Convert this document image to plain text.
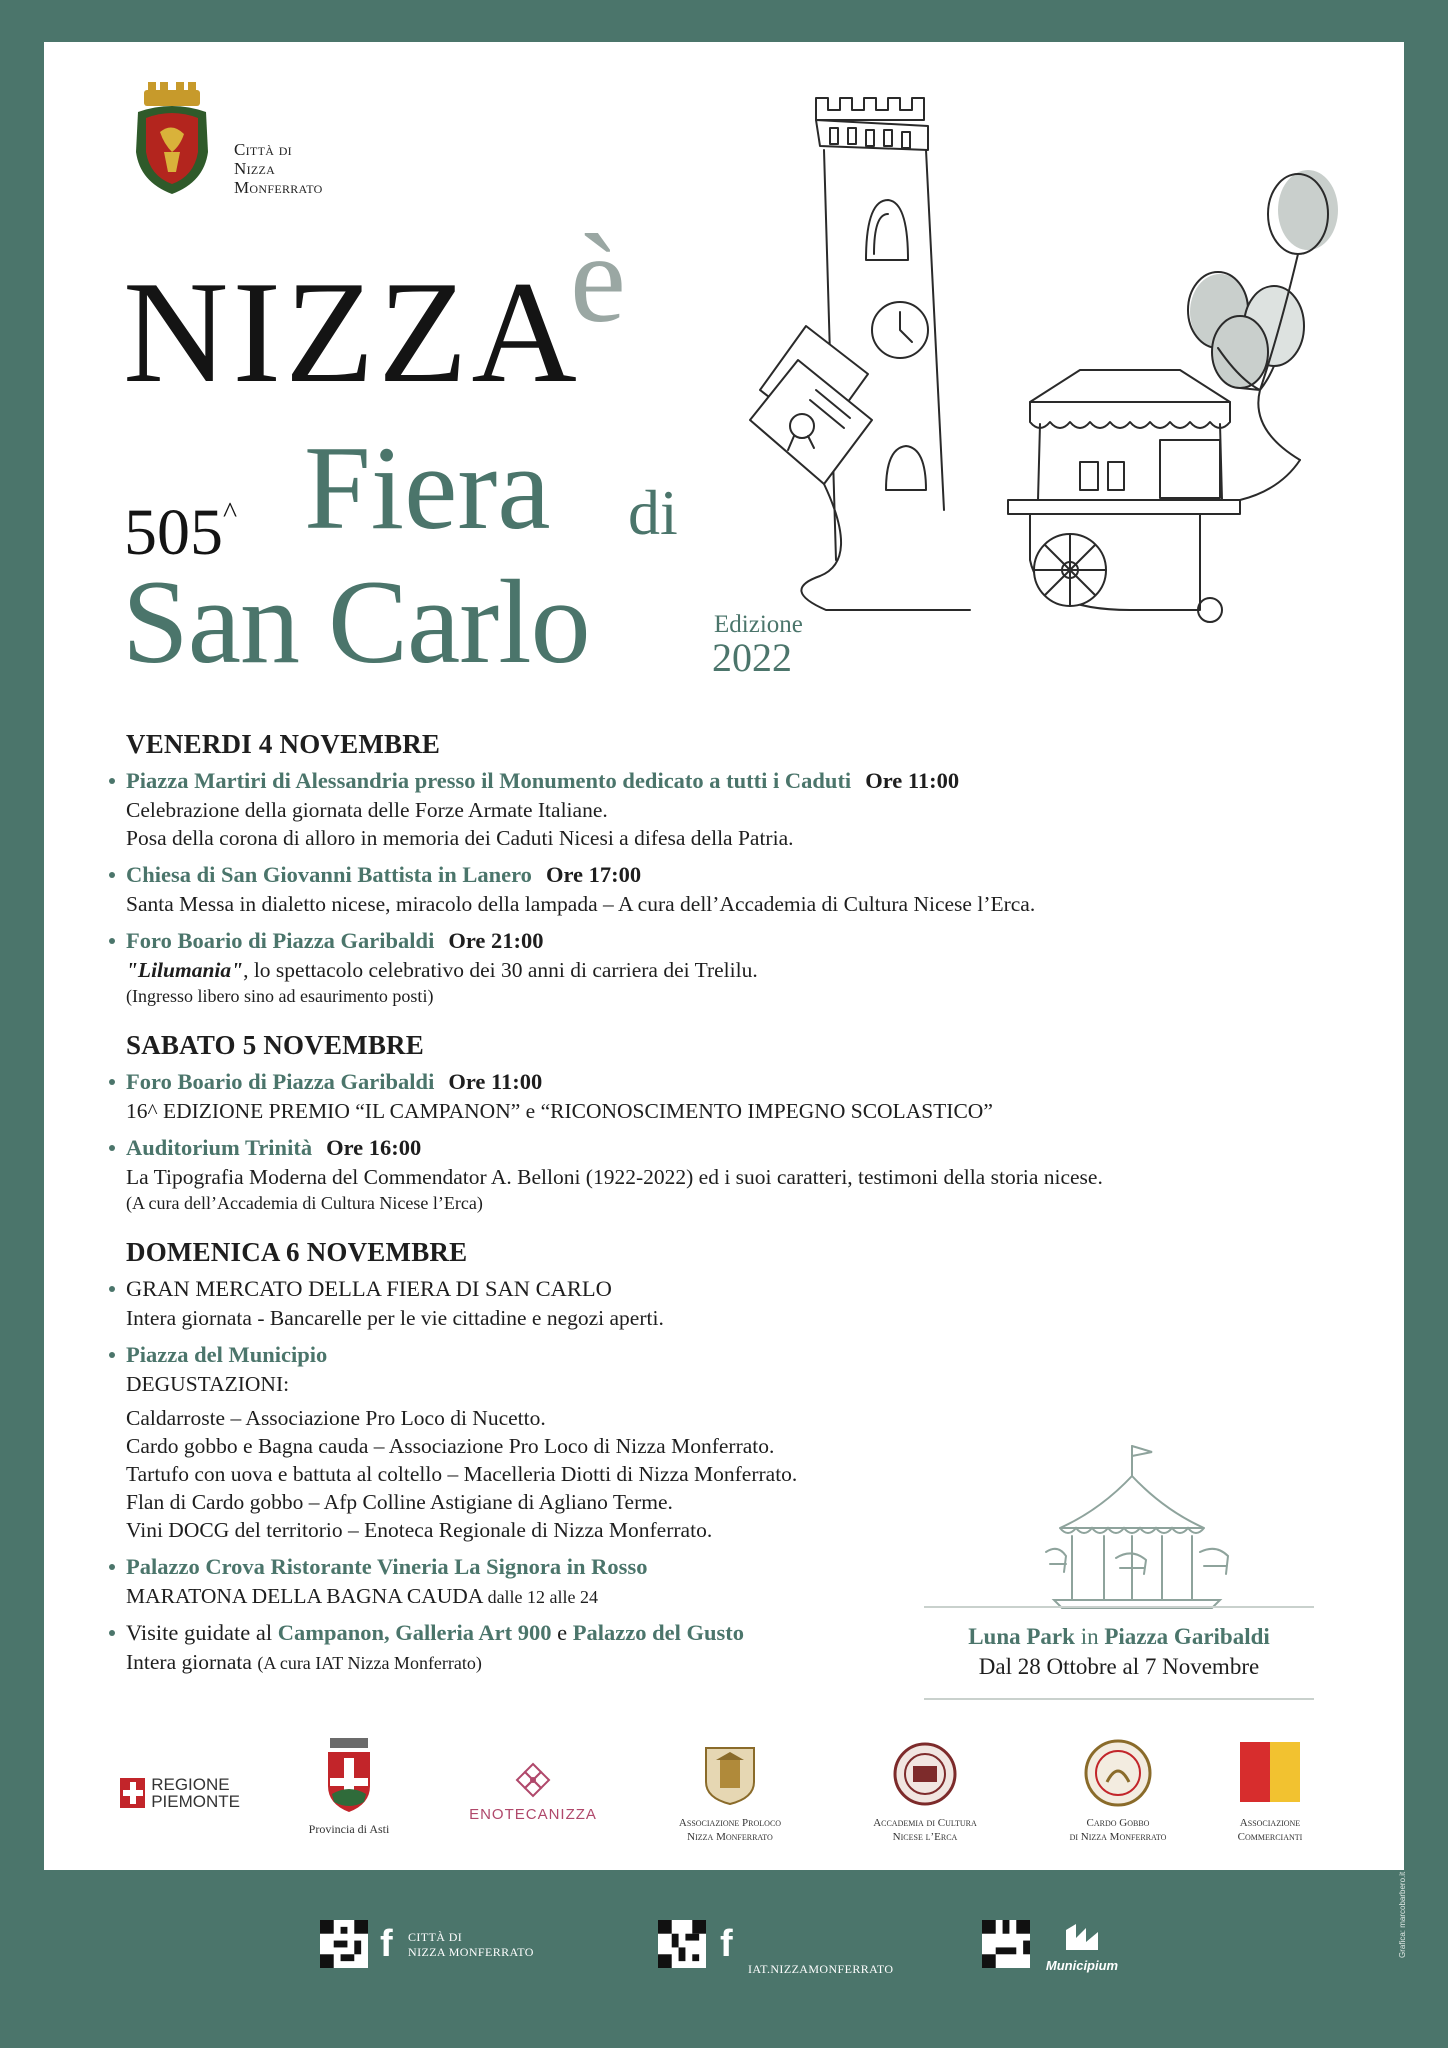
Città di
Nizza
Monferrato
NIZZA
è
505^ Fiera di
San Carlo	Edizione
2022
VENERDI 4 NOVEMBRE
Piazza Martiri di Alessandria presso il Monumento dedicato a tutti i Caduti Ore 11:00
Celebrazione della giornata delle Forze Armate Italiane.
Posa della corona di alloro in memoria dei Caduti Nicesi a difesa della Patria.
Chiesa di San Giovanni Battista in Lanero Ore 17:00
Santa Messa in dialetto nicese, miracolo della lampada – A cura dell’Accademia di Cultura Nicese l’Erca.
Foro Boario di Piazza Garibaldi Ore 21:00
"Lilumania", lo spettacolo celebrativo dei 30 anni di carriera dei Trelilu.
(Ingresso libero sino ad esaurimento posti)
SABATO 5 NOVEMBRE
Foro Boario di Piazza Garibaldi Ore 11:00
16^ EDIZIONE PREMIO “IL CAMPANON” e “RICONOSCIMENTO IMPEGNO SCOLASTICO”
Auditorium Trinità Ore 16:00
La Tipografia Moderna del Commendator A. Belloni (1922-2022) ed i suoi caratteri, testimoni della storia nicese.
(A cura dell’Accademia di Cultura Nicese l’Erca)
DOMENICA 6 NOVEMBRE
GRAN MERCATO DELLA FIERA DI SAN CARLO
Intera giornata - Bancarelle per le vie cittadine e negozi aperti.
Piazza del Municipio
DEGUSTAZIONI:
Caldarroste – Associazione Pro Loco di Nucetto.
Cardo gobbo e Bagna cauda – Associazione Pro Loco di Nizza Monferrato.
Tartufo con uova e battuta al coltello – Macelleria Diotti di Nizza Monferrato.
Flan di Cardo gobbo – Afp Colline Astigiane di Agliano Terme.
Vini DOCG del territorio – Enoteca Regionale di Nizza Monferrato.
Palazzo Crova Ristorante Vineria La Signora in Rosso
MARATONA DELLA BAGNA CAUDA dalle 12 alle 24
Visite guidate al Campanon, Galleria Art 900 e Palazzo del Gusto
Intera giornata (A cura IAT Nizza Monferrato)
Luna Park in Piazza Garibaldi
Dal 28 Ottobre al 7 Novembre
REGIONE
PIEMONTE
Provincia di Asti
ENOTECANIZZA	Associazione Proloco
Nizza Monferrato
Accademia di Cultura
Nicese l’Erca
Cardo Gobbo
di Nizza Monferrato
Associazione
Commercianti
f CITTÀ DI
NIZZA MONFERRATO	f
IAT.NIZZAMONFERRATO	Municipium
Grafica: marcobarbero.it
